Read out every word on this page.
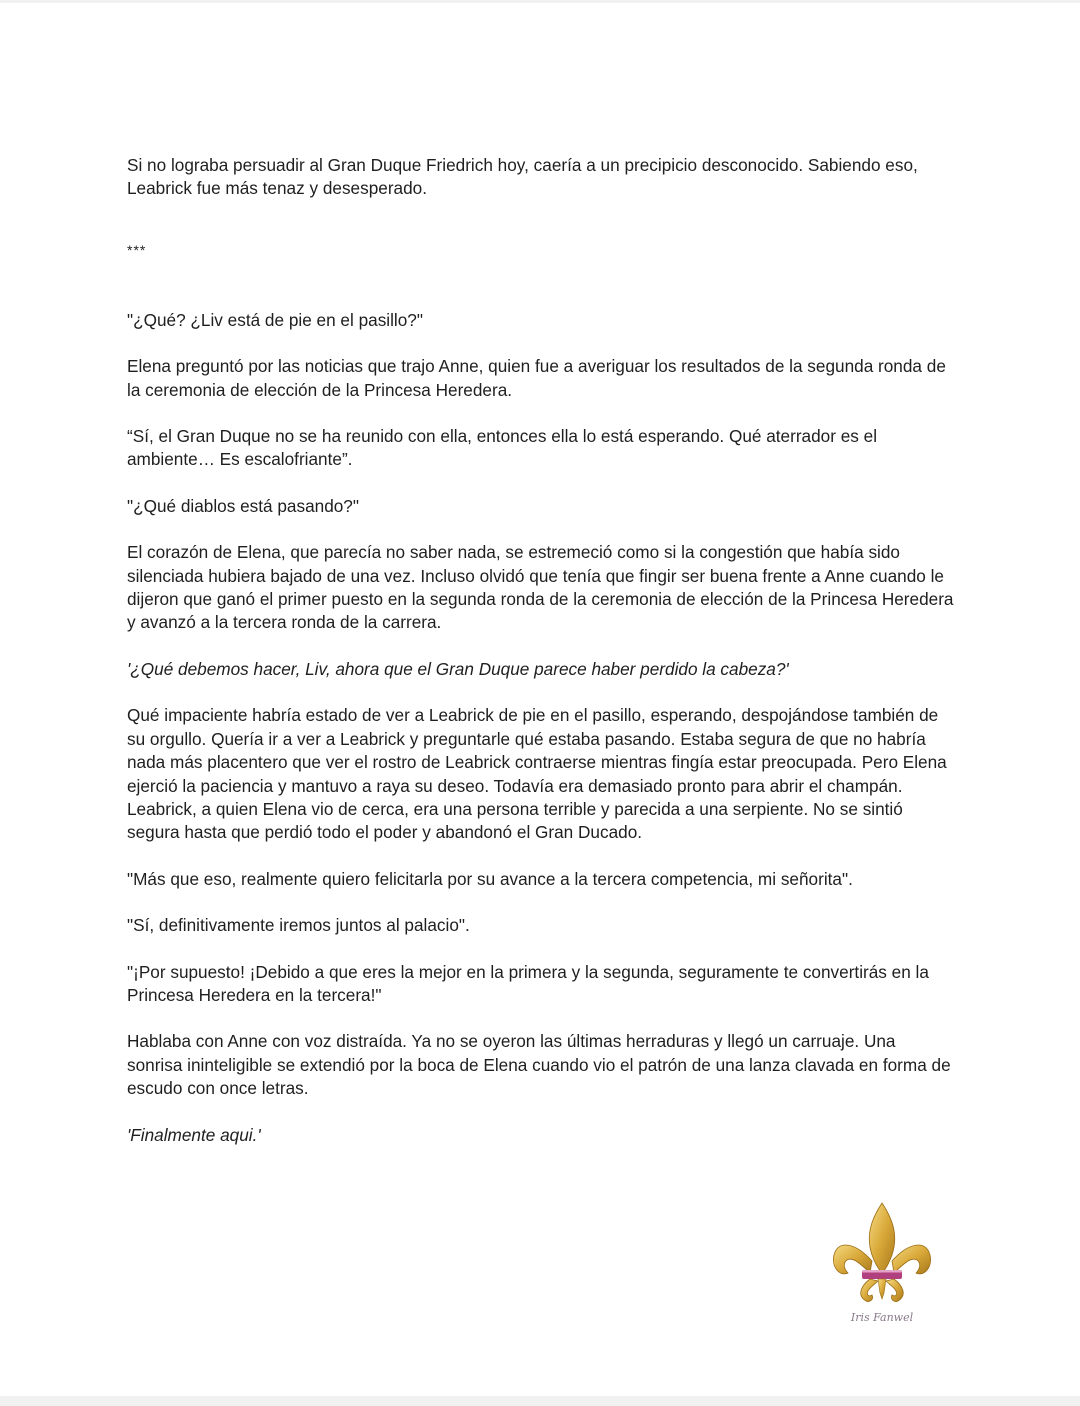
Si no lograba persuadir al Gran Duque Friedrich hoy, caería a un precipicio desconocido. Sabiendo eso, Leabrick fue más tenaz y desesperado.

***

"¿Qué? ¿Liv está de pie en el pasillo?"

Elena preguntó por las noticias que trajo Anne, quien fue a averiguar los resultados de la segunda ronda de la ceremonia de elección de la Princesa Heredera.

“Sí, el Gran Duque no se ha reunido con ella, entonces ella lo está esperando. Qué aterrador es el ambiente… Es escalofriante”.

"¿Qué diablos está pasando?"

El corazón de Elena, que parecía no saber nada, se estremeció como si la congestión que había sido silenciada hubiera bajado de una vez. Incluso olvidó que tenía que fingir ser buena frente a Anne cuando le dijeron que ganó el primer puesto en la segunda ronda de la ceremonia de elección de la Princesa Heredera y avanzó a la tercera ronda de la carrera.

'¿Qué debemos hacer, Liv, ahora que el Gran Duque parece haber perdido la cabeza?'

Qué impaciente habría estado de ver a Leabrick de pie en el pasillo, esperando, despojándose también de su orgullo. Quería ir a ver a Leabrick y preguntarle qué estaba pasando. Estaba segura de que no habría nada más placentero que ver el rostro de Leabrick contraerse mientras fingía estar preocupada. Pero Elena ejerció la paciencia y mantuvo a raya su deseo. Todavía era demasiado pronto para abrir el champán. Leabrick, a quien Elena vio de cerca, era una persona terrible y parecida a una serpiente. No se sintió segura hasta que perdió todo el poder y abandonó el Gran Ducado.

"Más que eso, realmente quiero felicitarla por su avance a la tercera competencia, mi señorita".

"Sí, definitivamente iremos juntos al palacio".

"¡Por supuesto! ¡Debido a que eres la mejor en la primera y la segunda, seguramente te convertirás en la Princesa Heredera en la tercera!"

Hablaba con Anne con voz distraída. Ya no se oyeron las últimas herraduras y llegó un carruaje. Una sonrisa ininteligible se extendió por la boca de Elena cuando vio el patrón de una lanza clavada en forma de escudo con once letras.

'Finalmente aqui.'

Iris Fanwel
